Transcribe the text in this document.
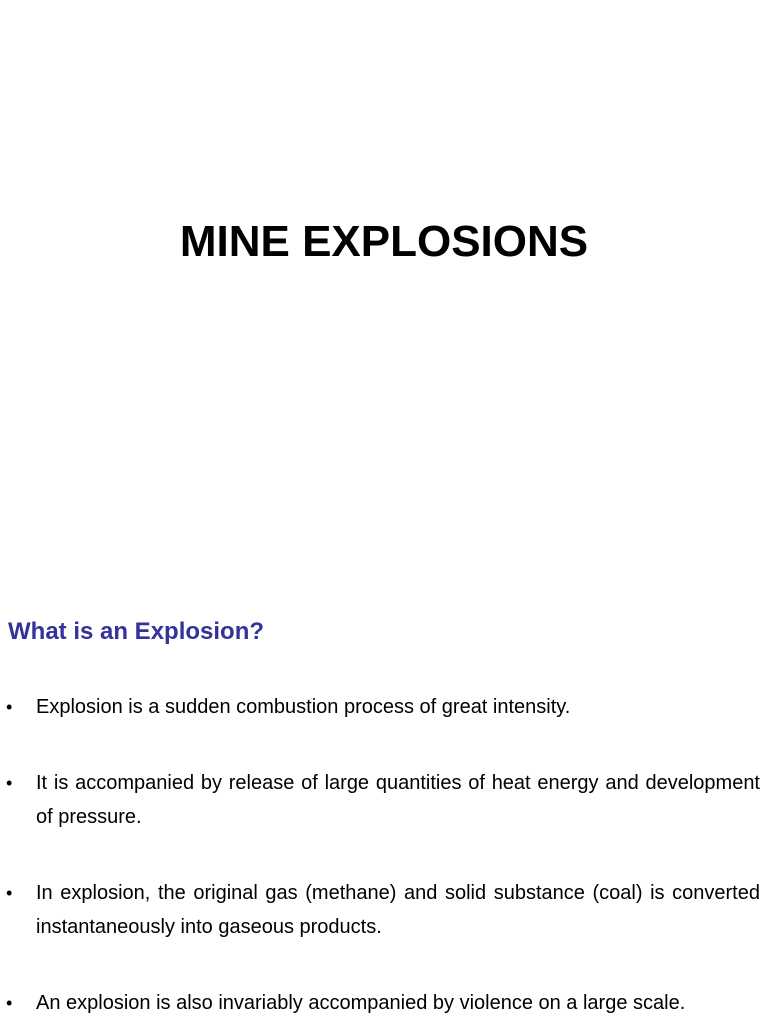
MINE EXPLOSIONS
What is an Explosion?
•	Explosion is a sudden combustion process of great intensity.
•	It is accompanied by release of large quantities of heat energy and development of pressure.
•	In explosion, the original gas (methane) and solid substance (coal) is converted instantaneously into gaseous products.
•	An explosion is also invariably accompanied by violence on a large scale.
